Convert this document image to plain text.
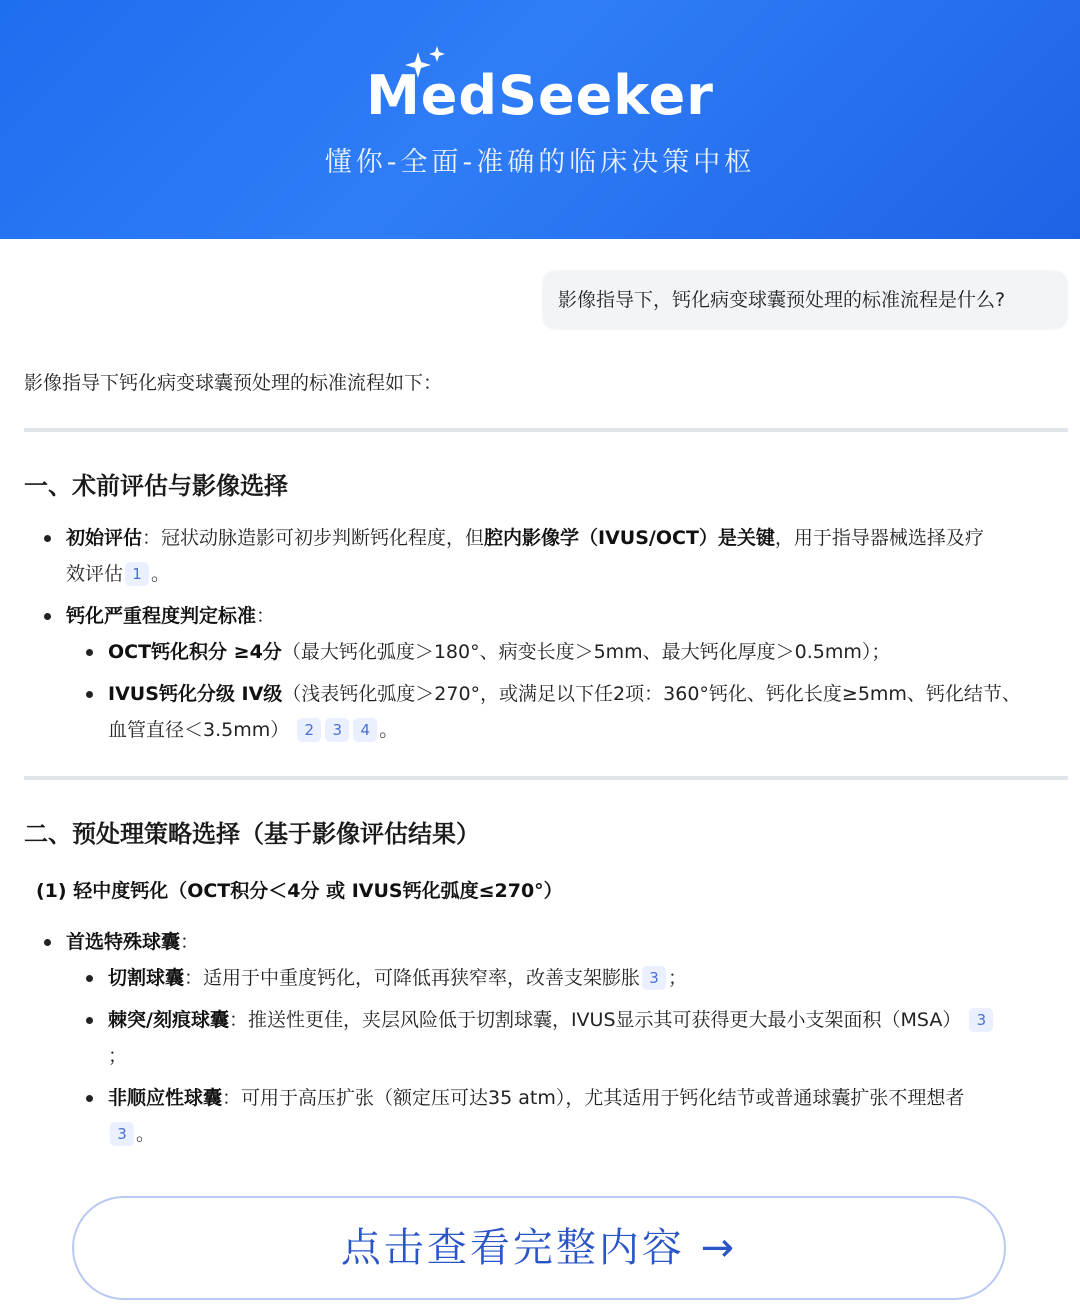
MedSeeker
懂你-全面-准确的临床决策中枢
影像指导下，钙化病变球囊预处理的标准流程是什么?
影像指导下钙化病变球囊预处理的标准流程如下：
一、术前评估与影像选择
初始评估：冠状动脉造影可初步判断钙化程度，但腔内影像学（IVUS/OCT）是关键，用于指导器械选择及疗
效评估 1 。
钙化严重程度判定标准：
OCT钙化积分 ≥4分（最大钙化弧度＞180°、病变长度＞5mm、最大钙化厚度＞0.5mm）；
IVUS钙化分级 IV级（浅表钙化弧度＞270°，或满足以下任2项：360°钙化、钙化长度≥5mm、钙化结节、
血管直径＜3.5mm） 2 3 4 。
二、预处理策略选择（基于影像评估结果）
(1) 轻中度钙化（OCT积分＜4分 或 IVUS钙化弧度≤270°）
首选特殊球囊：
切割球囊：适用于中重度钙化，可降低再狭窄率，改善支架膨胀 3 ；
棘突/刻痕球囊：推送性更佳，夹层风险低于切割球囊，IVUS显示其可获得更大最小支架面积（MSA） 3
；
非顺应性球囊：可用于高压扩张（额定压可达35 atm），尤其适用于钙化结节或普通球囊扩张不理想者
3 。
点击查看完整内容 →
